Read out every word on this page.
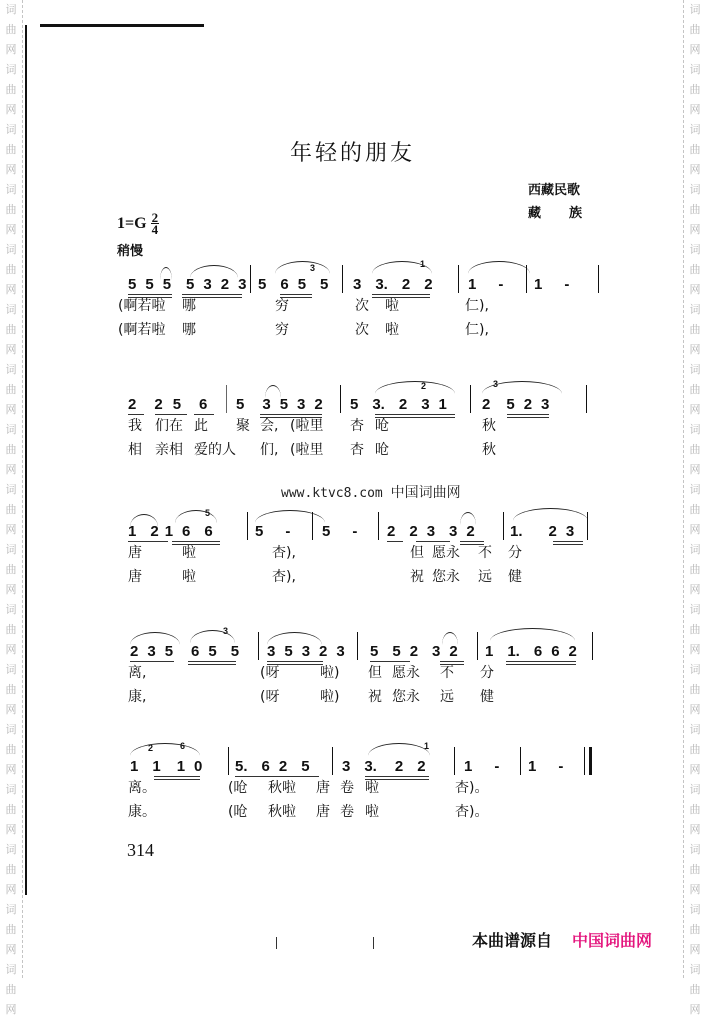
词
曲
网
词
曲
网
词
曲
网
词
曲
网
词
曲
网
词
曲
网
词
曲
网
词
曲
网
词
曲
网
词
曲
网
词
曲
网
词
曲
网
词
曲
网
词
曲
网
词
曲
网
词
曲
网
词
曲
网
词
曲
网
词
曲
网
词
曲
网
词
曲
网
词
曲
网
词
曲
网
词
曲
网
词
曲
网
词
曲
网
词
曲
网
词
曲
网
词
曲
网
词
曲
网
词
曲
网
词
曲
网
词
曲
网
词
曲
网
年轻的朋友
西藏民歌
藏族
$1=G \frac{2}{4}$
稍慢
5 5 5 5 3 2 3 5 6 5 5
3
3 3. 2 2
1
1 - 1 -
(啊若啦 哪	穷	次 啦	仁),
(啊若啦 哪	穷	次 啦	仁),
2 2 5 6 5 3 5 3 2 5 3. 2 3 1
2
2 5 2 3
3
我 们在 此 聚 会, (啦里 杏 呛	秋
相 亲相 爱的人 们, (啦里 杏 呛	秋
www.ktvc8.com 中国词曲网
1 2 1 6 6
5
5 - 5 - 2 2 3 3 2 1. 2 3
唐	啦	杏),	但 愿永 不 分
唐	啦	杏),	祝 您永 远 健
2 3 5 6 5 5
3
3 5 3 2 3 5 5 2 3 2 1 1. 6 6 2
离,	(呀	啦) 但 愿永 不 分
康,	(呀	啦) 祝 您永 远 健
1 1 1 0
2	6
5. 6 2 5 3 3. 2 2
1
1 - 1 -
离。	(呛 秋啦 唐 卷 啦	杏)。
康。	(呛 秋啦 唐 卷 啦	杏)。
314
本曲谱源自 中国词曲网
